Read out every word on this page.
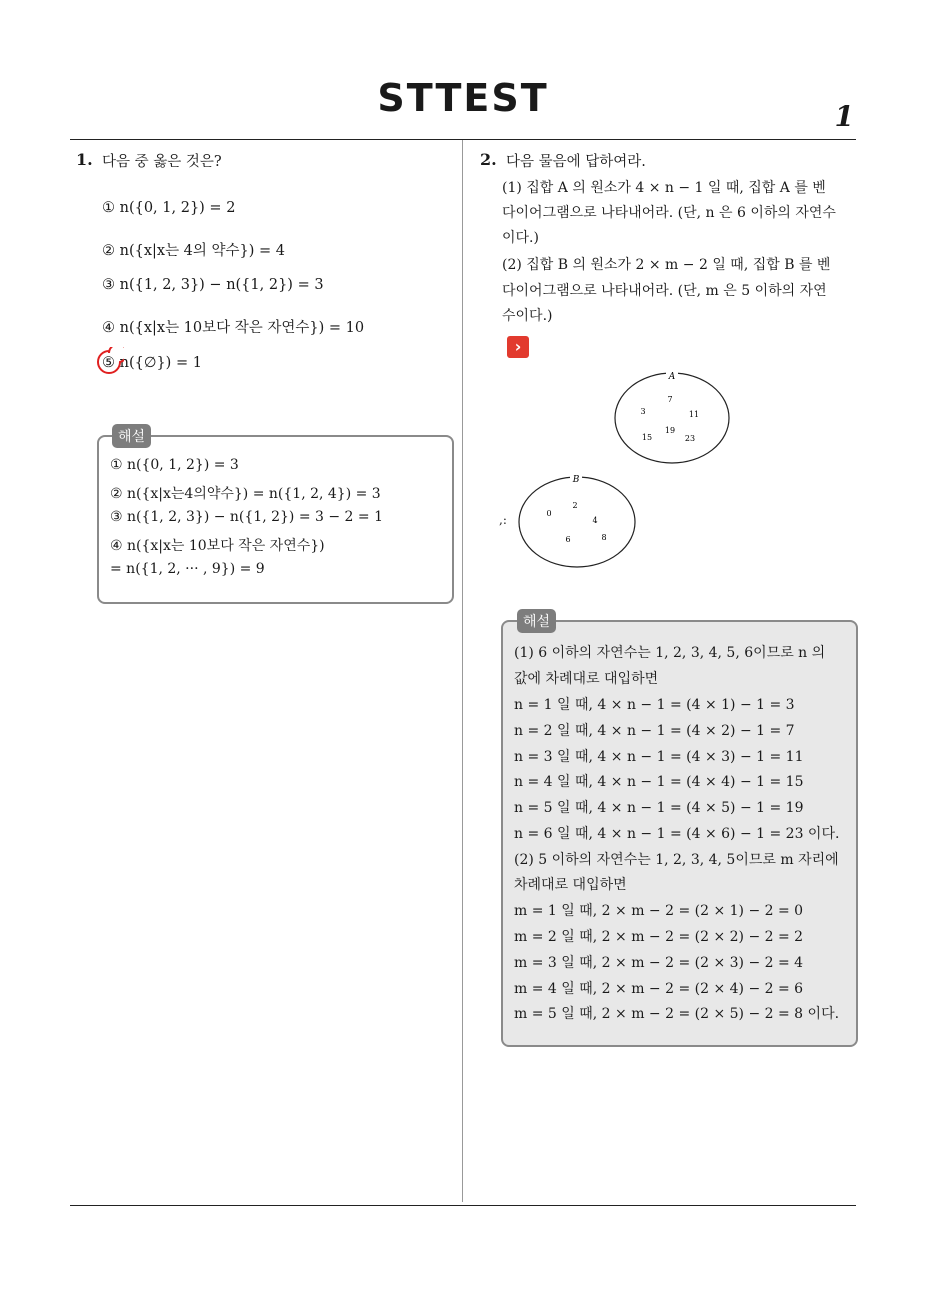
STTEST	1
1. 다음 중 옳은 것은?
① n({0, 1, 2}) = 2
② n({x|x는 4의 약수}) = 4
③ n({1, 2, 3}) − n({1, 2}) = 3
④ n({x|x는 10보다 작은 자연수}) = 10
⑤ n({∅}) = 1
해설
① n({0, 1, 2}) = 3
② n({x|x는4의약수}) = n({1, 2, 4}) = 3
③ n({1, 2, 3}) − n({1, 2}) = 3 − 2 = 1
④ n({x|x는 10보다 작은 자연수})
= n({1, 2, ··· , 9}) = 9
2. 다음 물음에 답하여라.
(1) 집합 A 의 원소가 4 × n − 1 일 때, 집합 A 를 벤
다이어그램으로 나타내어라. (단, n 은 6 이하의 자연수
이다.)
(2) 집합 B 의 원소가 2 × m − 2 일 때, 집합 B 를 벤
다이어그램으로 나타내어라. (단, m 은 5 이하의 자연
수이다.)
›
A
7
3	11
19
15	23
,:
B
2
0
4
6	8
해설
(1) 6 이하의 자연수는 1, 2, 3, 4, 5, 6이므로 n 의
값에 차례대로 대입하면
n = 1 일 때, 4 × n − 1 = (4 × 1) − 1 = 3
n = 2 일 때, 4 × n − 1 = (4 × 2) − 1 = 7
n = 3 일 때, 4 × n − 1 = (4 × 3) − 1 = 11
n = 4 일 때, 4 × n − 1 = (4 × 4) − 1 = 15
n = 5 일 때, 4 × n − 1 = (4 × 5) − 1 = 19
n = 6 일 때, 4 × n − 1 = (4 × 6) − 1 = 23 이다.
(2) 5 이하의 자연수는 1, 2, 3, 4, 5이므로 m 자리에
차례대로 대입하면
m = 1 일 때, 2 × m − 2 = (2 × 1) − 2 = 0
m = 2 일 때, 2 × m − 2 = (2 × 2) − 2 = 2
m = 3 일 때, 2 × m − 2 = (2 × 3) − 2 = 4
m = 4 일 때, 2 × m − 2 = (2 × 4) − 2 = 6
m = 5 일 때, 2 × m − 2 = (2 × 5) − 2 = 8 이다.
